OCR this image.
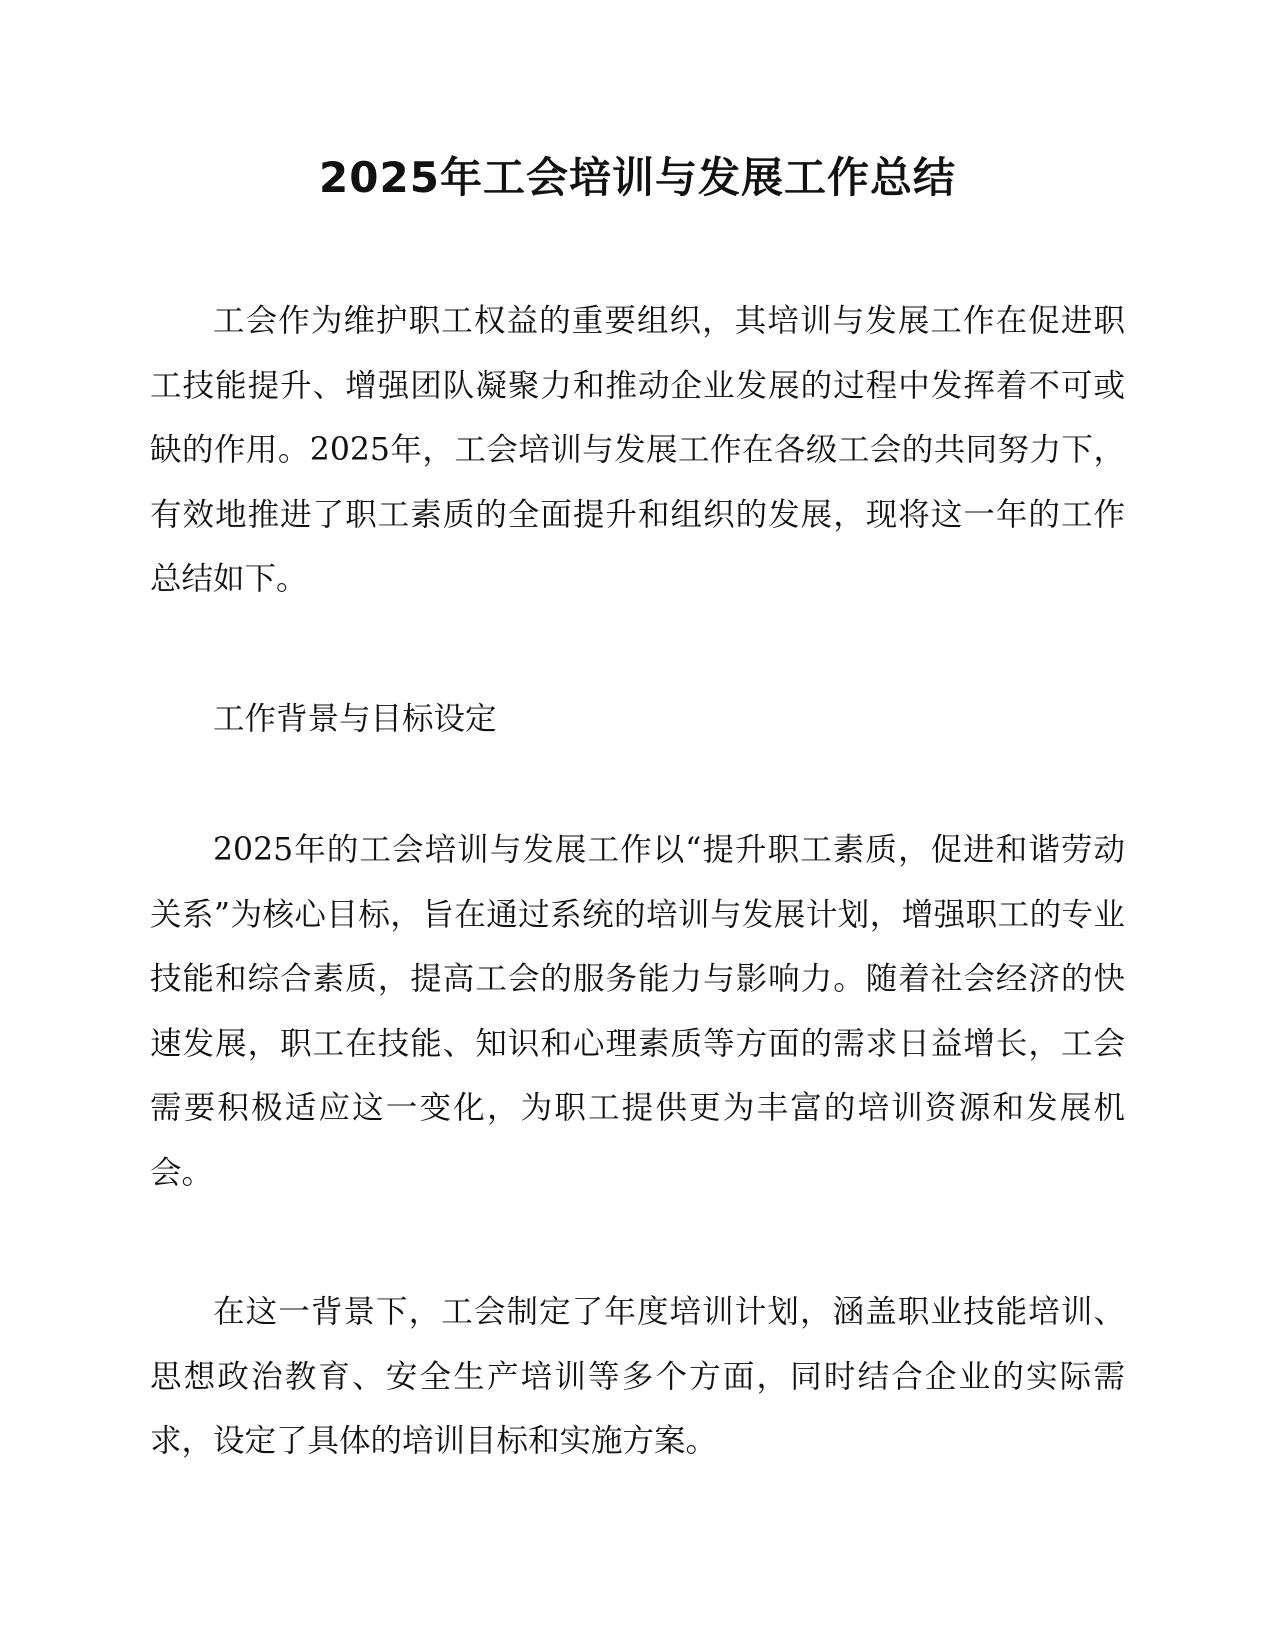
2025年工会培训与发展工作总结

工会作为维护职工权益的重要组织，其培训与发展工作在促进职工技能提升、增强团队凝聚力和推动企业发展的过程中发挥着不可或缺的作用。2025年，工会培训与发展工作在各级工会的共同努力下，有效地推进了职工素质的全面提升和组织的发展，现将这一年的工作总结如下。

工作背景与目标设定

2025年的工会培训与发展工作以“提升职工素质，促进和谐劳动关系”为核心目标，旨在通过系统的培训与发展计划，增强职工的专业技能和综合素质，提高工会的服务能力与影响力。随着社会经济的快速发展，职工在技能、知识和心理素质等方面的需求日益增长，工会需要积极适应这一变化，为职工提供更为丰富的培训资源和发展机会。

在这一背景下，工会制定了年度培训计划，涵盖职业技能培训、思想政治教育、安全生产培训等多个方面，同时结合企业的实际需求，设定了具体的培训目标和实施方案。
